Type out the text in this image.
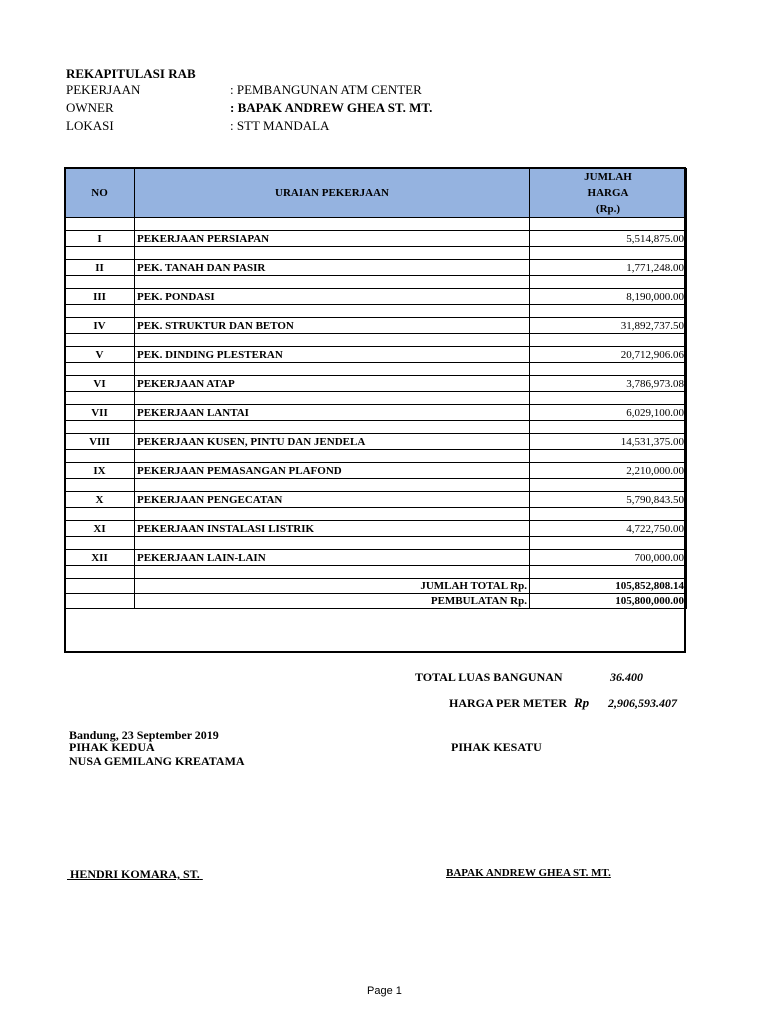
REKAPITULASI RAB
PEKERJAAN	: PEMBANGUNAN ATM CENTER
OWNER	: BAPAK ANDREW GHEA ST. MT.
LOKASI	: STT MANDALA
NO	URAIAN PEKERJAAN	JUMLAH
HARGA
(Rp.)

I	PEKERJAAN PERSIAPAN	5,514,875.00

II	PEK. TANAH DAN PASIR	1,771,248.00

III	PEK. PONDASI	8,190,000.00

IV	PEK. STRUKTUR DAN BETON	31,892,737.50

V	PEK. DINDING PLESTERAN	20,712,906.06

VI	PEKERJAAN ATAP	3,786,973.08

VII	PEKERJAAN LANTAI	6,029,100.00

VIII	PEKERJAAN KUSEN, PINTU DAN JENDELA	14,531,375.00

IX	PEKERJAAN PEMASANGAN PLAFOND	2,210,000.00

X	PEKERJAAN PENGECATAN	5,790,843.50

XI	PEKERJAAN INSTALASI LISTRIK	4,722,750.00

XII	PEKERJAAN LAIN-LAIN	700,000.00

	JUMLAH TOTAL Rp.	105,852,808.14
	PEMBULATAN Rp.	105,800,000.00
TOTAL LUAS BANGUNAN	36.400
HARGA PER METER Rp 2,906,593.407
Bandung, 23 September 2019
PIHAK KEDUA
NUSA GEMILANG KREATAMA
PIHAK KESATU
HENDRI KOMARA, ST.	BAPAK ANDREW GHEA ST. MT.
Page 1
